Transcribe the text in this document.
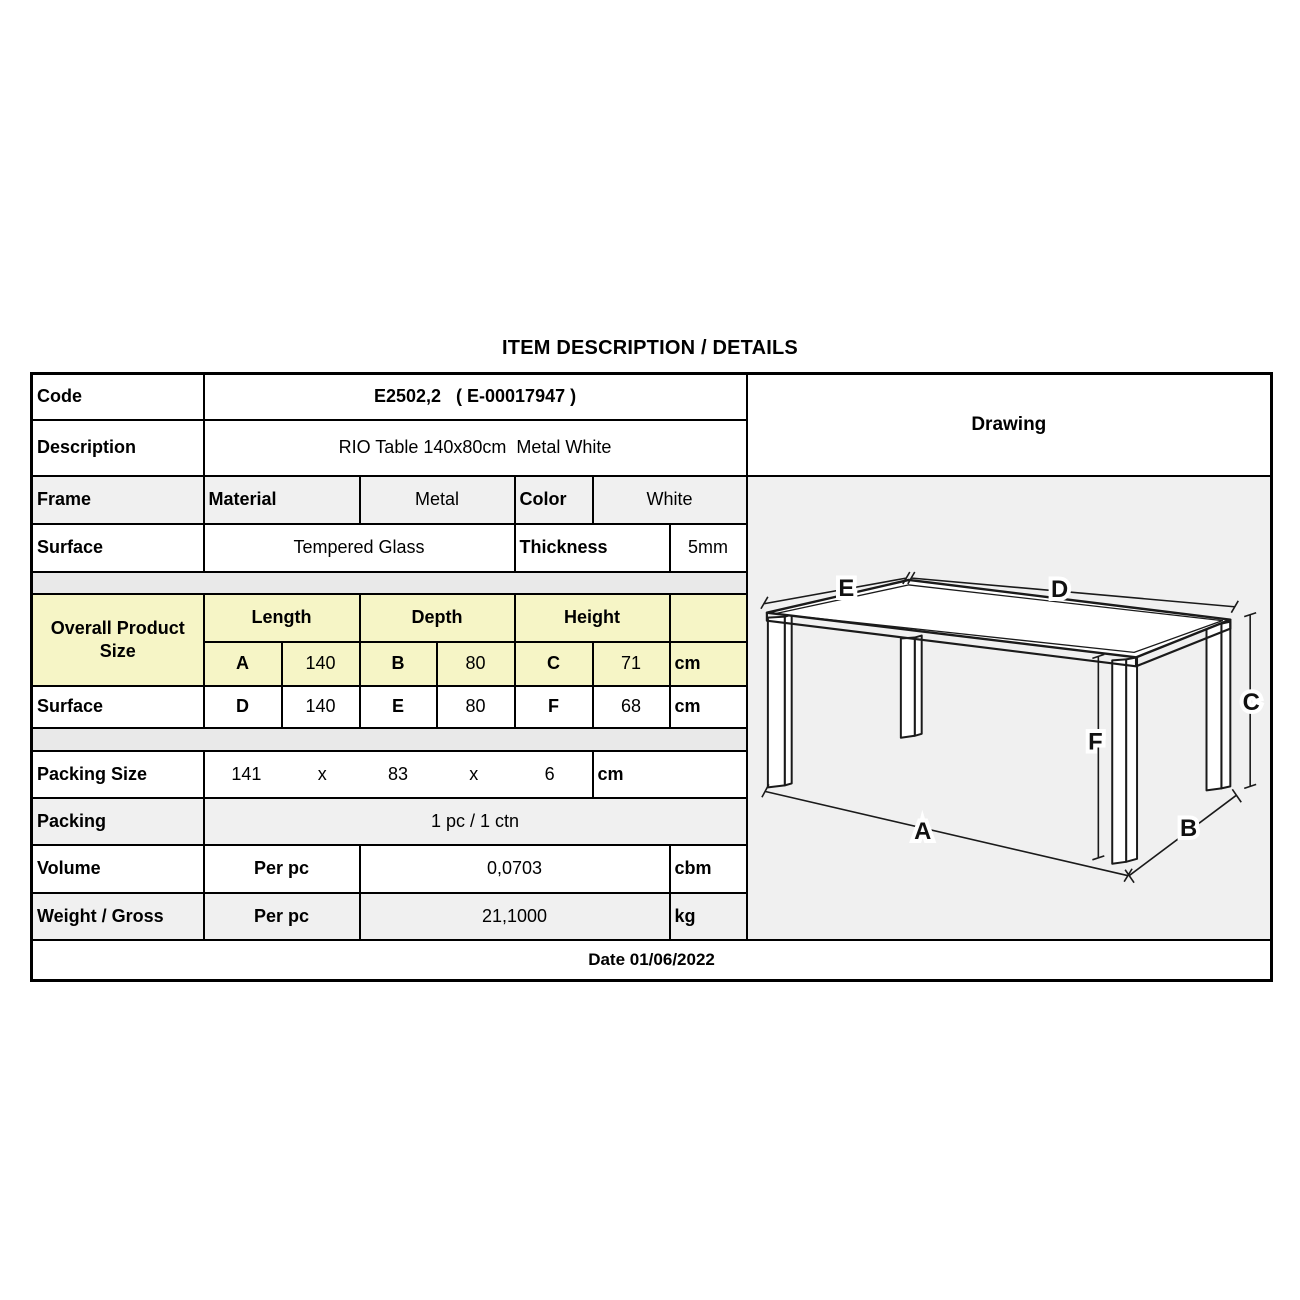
ITEM DESCRIPTION / DETAILS
Code	E2502,2   ( E-00017947 )							Drawing
Description	RIO Table 140x80cm  Metal White							
Frame	Material	Metal	Color	White	
E	D
A	B
C
F

Surface	Tempered Glass				Thickness		5mm	

Overall Product Size	Length		Depth		Height			
	A	140	B	80	C	71	cm	
Surface	D	140	E	80	F	68	cm	

Packing Size	141 x 83 x 6					cm		
Packing	1 pc / 1 ctn							
Volume	Per pc		0,0703				cbm	
Weight / Gross	Per pc		21,1000				kg	
Date 01/06/2022								
